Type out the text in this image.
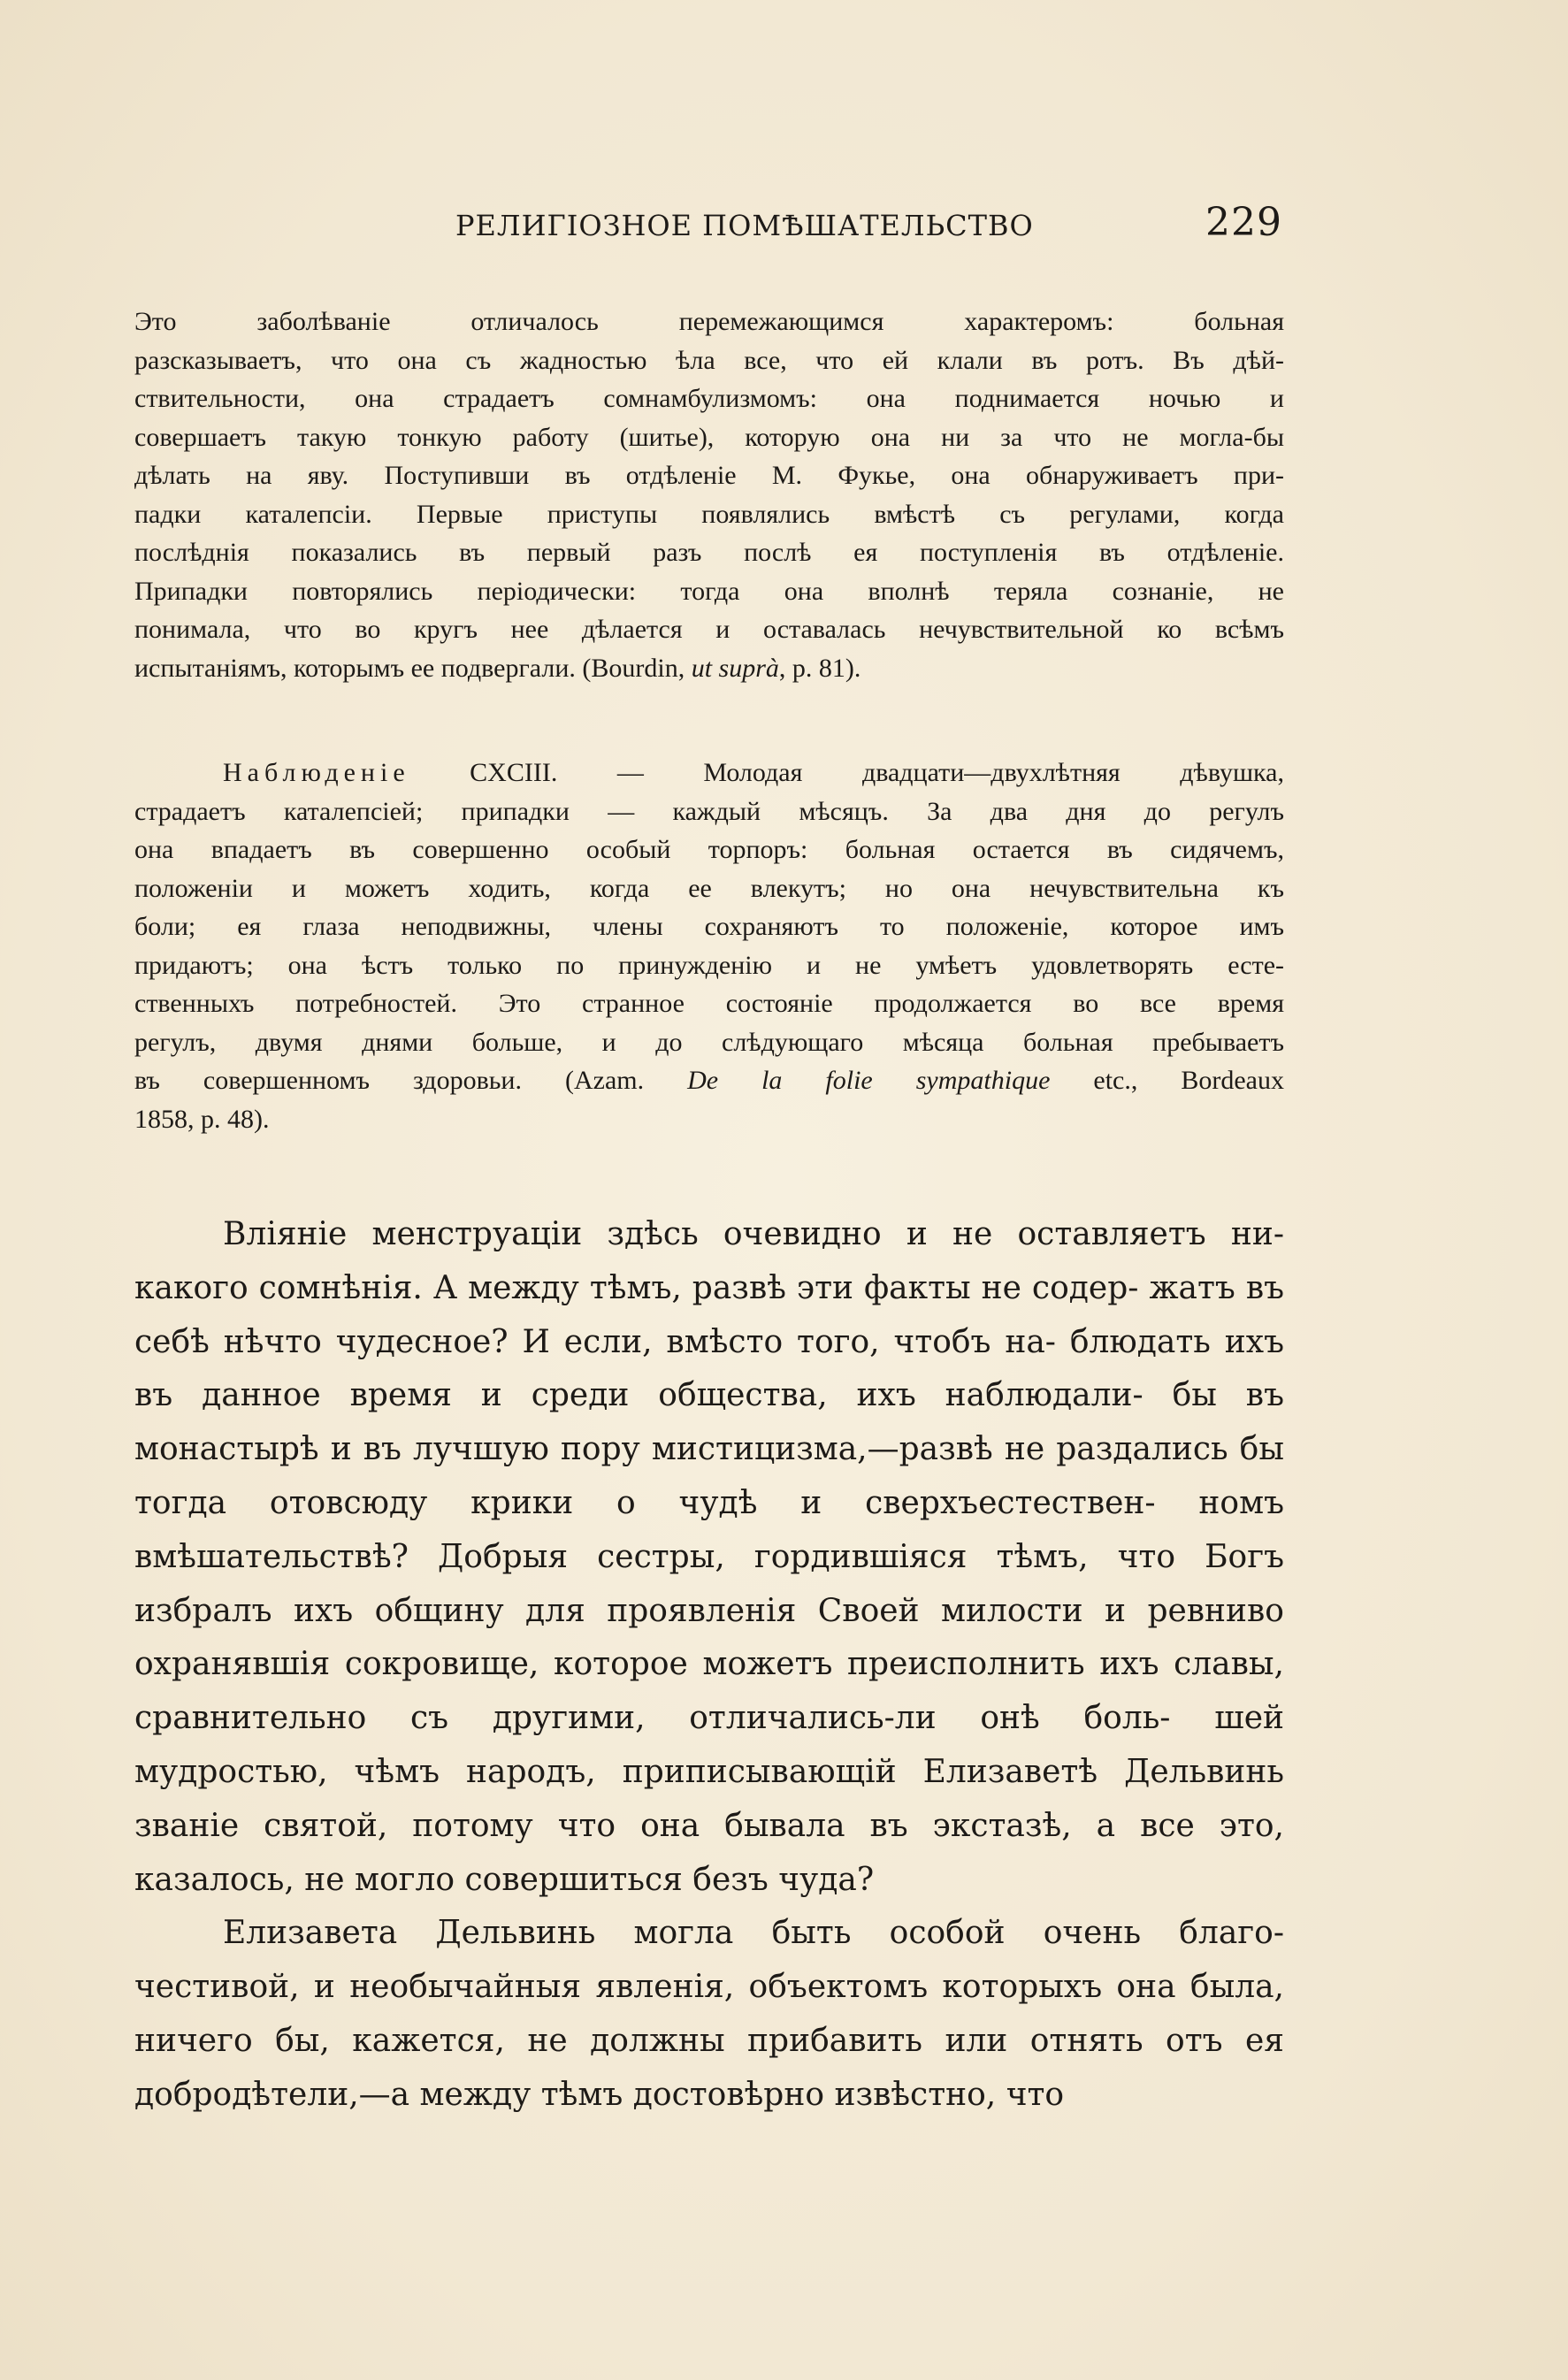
РЕЛИГІОЗНОЕ ПОМѢШАТЕЛЬСТВО	229
Это заболѣваніе отличалось перемежающимся характеромъ: больная
разсказываетъ, что она съ жадностью ѣла все, что ей клали въ ротъ. Въ дѣй-
ствительности, она страдаетъ сомнамбулизмомъ: она поднимается ночью и
совершаетъ такую тонкую работу (шитье), которую она ни за что не могла-бы
дѣлать на яву. Поступивши въ отдѣленіе М. Фукье, она обнаруживаетъ при-
падки каталепсіи. Первые приступы появлялись вмѣстѣ съ регулами, когда
послѣднія показались въ первый разъ послѣ ея поступленія въ отдѣленіе.
Припадки повторялись періодически: тогда она вполнѣ теряла сознаніе, не
понимала, что во кругъ нее дѣлается и оставалась нечувствительной ко всѣмъ
испытаніямъ, которымъ ее подвергали. (Bourdin, ut suprà, p. 81).
Наблюденіе CXCIII. — Молодая двадцати—двухлѣтняя дѣвушка,
страдаетъ каталепсіей; припадки — каждый мѣсяцъ. За два дня до регулъ
она впадаетъ въ совершенно особый торпоръ: больная остается въ сидячемъ,
положеніи и можетъ ходить, когда ее влекутъ; но она нечувствительна къ
боли; ея глаза неподвижны, члены сохраняютъ то положеніе, которое имъ
придаютъ; она ѣстъ только по принужденію и не умѣетъ удовлетворять есте-
ственныхъ потребностей. Это странное состояніе продолжается во все время
регулъ, двумя днями больше, и до слѣдующаго мѣсяца больная пребываетъ
въ совершенномъ здоровьи. (Azam. De la folie sympathique etc., Bordeaux
1858, p. 48).
Вліяніе менструаціи здѣсь очевидно и не оставляетъ ни- какого сомнѣнія. А между тѣмъ, развѣ эти факты не содер- жатъ въ себѣ нѣчто чудесное? И если, вмѣсто того, чтобъ на- блюдать ихъ въ данное время и среди общества, ихъ наблюдали- бы въ монастырѣ и въ лучшую пору мистицизма,—развѣ не раздались бы тогда отовсюду крики о чудѣ и сверхъестествен- номъ вмѣшательствѣ? Добрыя сестры, гордившіяся тѣмъ, что Богъ избралъ ихъ общину для проявленія Своей милости и ревниво охранявшія сокровище, которое можетъ преисполнить ихъ славы, сравнительно съ другими, отличались-ли онѣ боль- шей мудростью, чѣмъ народъ, приписывающій Елизаветѣ Дельвинь званіе святой, потому что она бывала въ экстазѣ, а все это, казалось, не могло совершиться безъ чуда?
Елизавета Дельвинь могла быть особой очень благо- честивой, и необычайныя явленія, объектомъ которыхъ она была, ничего бы, кажется, не должны прибавить или отнять отъ ея добродѣтели,—а между тѣмъ достовѣрно извѣстно, что
